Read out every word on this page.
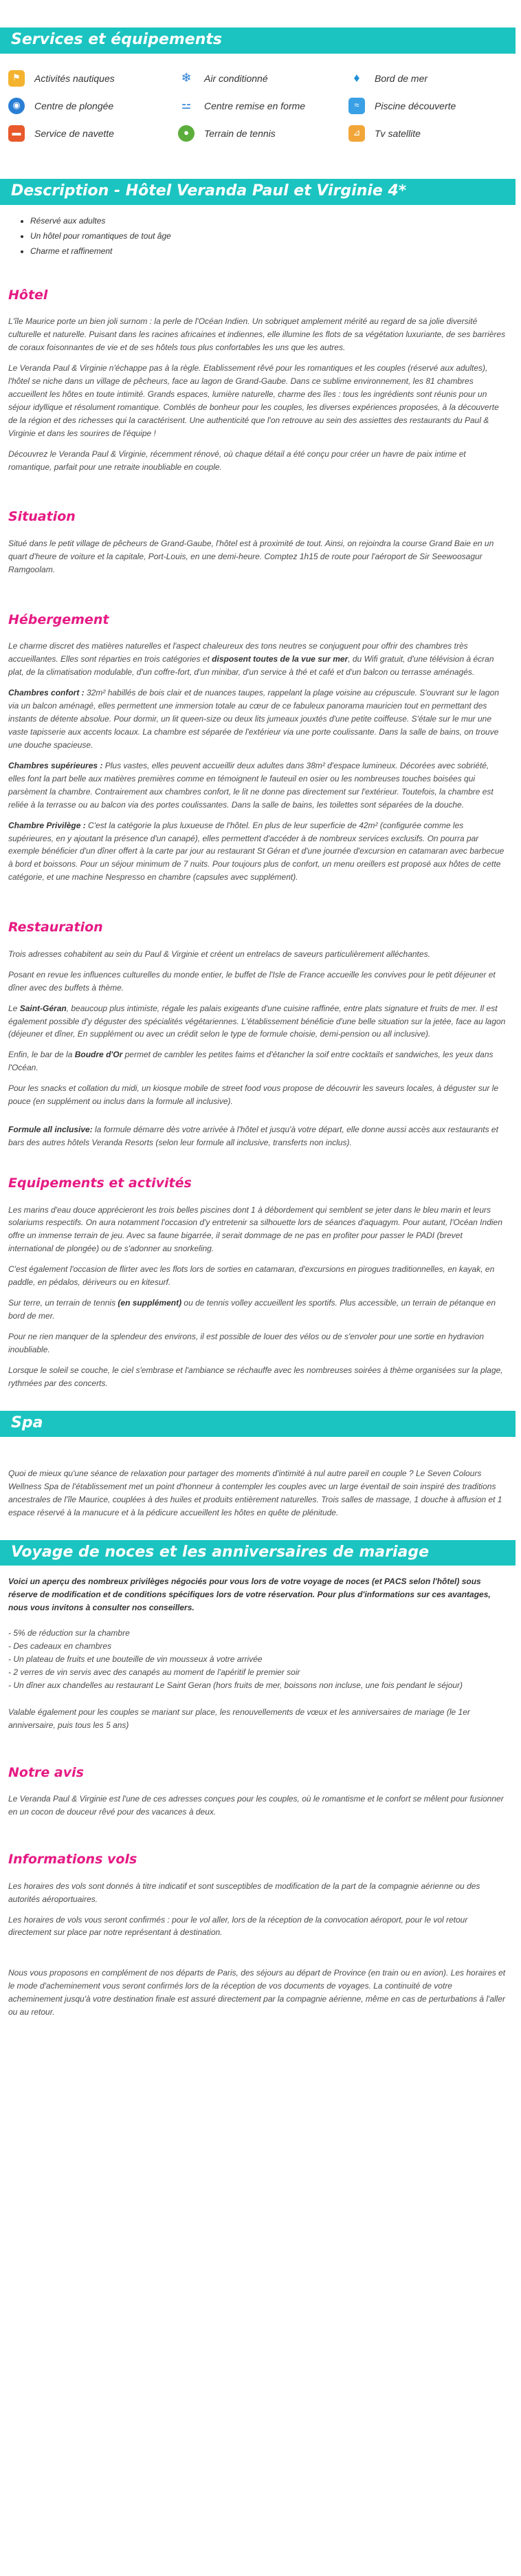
Services et équipements
⚑	Activités nautiques	❄	Air conditionné	♦	Bord de mer
◉	Centre de plongée	⚍	Centre remise en forme	≈	Piscine découverte
▬	Service de navette	●	Terrain de tennis	⊿	Tv satellite
Description - Hôtel Veranda Paul et Virginie 4*
• Réservé aux adultes
• Un hôtel pour romantiques de tout âge
• Charme et raffinement
Hôtel

L'île Maurice porte un bien joli surnom : la perle de l'Océan Indien. Un sobriquet amplement mérité au regard de sa jolie diversité culturelle et naturelle. Puisant dans les racines africaines et indiennes, elle illumine les flots de sa végétation luxuriante, de ses barrières de coraux foisonnantes de vie et de ses hôtels tous plus confortables les uns que les autres.

Le Veranda Paul & Virginie n'échappe pas à la règle. Etablissement rêvé pour les romantiques et les couples (réservé aux adultes), l'hôtel se niche dans un village de pêcheurs, face au lagon de Grand-Gaube. Dans ce sublime environnement, les 81 chambres accueillent les hôtes en toute intimité. Grands espaces, lumière naturelle, charme des îles : tous les ingrédients sont réunis pour un séjour idyllique et résolument romantique. Comblés de bonheur pour les couples, les diverses expériences proposées, à la découverte de la région et des richesses qui la caractérisent. Une authenticité que l'on retrouve au sein des assiettes des restaurants du Paul & Virginie et dans les sourires de l'équipe !

Découvrez le Veranda Paul & Virginie, récemment rénové, où chaque détail a été conçu pour créer un havre de paix intime et romantique, parfait pour une retraite inoubliable en couple.

Situation

Situé dans le petit village de pêcheurs de Grand-Gaube, l'hôtel est à proximité de tout. Ainsi, on rejoindra la course Grand Baie en un quart d'heure de voiture et la capitale, Port-Louis, en une demi-heure. Comptez 1h15 de route pour l'aéroport de Sir Seewoosagur Ramgoolam.

Hébergement

Le charme discret des matières naturelles et l'aspect chaleureux des tons neutres se conjuguent pour offrir des chambres très accueillantes. Elles sont réparties en trois catégories et disposent toutes de la vue sur mer, du Wifi gratuit, d'une télévision à écran plat, de la climatisation modulable, d'un coffre-fort, d'un minibar, d'un service à thé et café et d'un balcon ou terrasse aménagés.

Chambres confort : 32m² habillés de bois clair et de nuances taupes, rappelant la plage voisine au crépuscule. S'ouvrant sur le lagon via un balcon aménagé, elles permettent une immersion totale au cœur de ce fabuleux panorama mauricien tout en permettant des instants de détente absolue. Pour dormir, un lit queen-size ou deux lits jumeaux jouxtés d'une petite coiffeuse. S'étale sur le mur une vaste tapisserie aux accents locaux. La chambre est séparée de l'extérieur via une porte coulissante. Dans la salle de bains, on trouve une douche spacieuse.

Chambres supérieures : Plus vastes, elles peuvent accueillir deux adultes dans 38m² d'espace lumineux. Décorées avec sobriété, elles font la part belle aux matières premières comme en témoignent le fauteuil en osier ou les nombreuses touches boisées qui parsèment la chambre. Contrairement aux chambres confort, le lit ne donne pas directement sur l'extérieur. Toutefois, la chambre est reliée à la terrasse ou au balcon via des portes coulissantes. Dans la salle de bains, les toilettes sont séparées de la douche.

Chambre Privilège : C'est la catégorie la plus luxueuse de l'hôtel. En plus de leur superficie de 42m² (configurée comme les supérieures, en y ajoutant la présence d'un canapé), elles permettent d'accéder à de nombreux services exclusifs. On pourra par exemple bénéficier d'un dîner offert à la carte par jour au restaurant St Géran et d'une journée d'excursion en catamaran avec barbecue à bord et boissons. Pour un séjour minimum de 7 nuits. Pour toujours plus de confort, un menu oreillers est proposé aux hôtes de cette catégorie, et une machine Nespresso en chambre (capsules avec supplément).

Restauration

Trois adresses cohabitent au sein du Paul & Virginie et créent un entrelacs de saveurs particulièrement alléchantes.

Posant en revue les influences culturelles du monde entier, le buffet de l'Isle de France accueille les convives pour le petit déjeuner et dîner avec des buffets à thème.

Le Saint-Géran, beaucoup plus intimiste, régale les palais exigeants d'une cuisine raffinée, entre plats signature et fruits de mer. Il est également possible d'y déguster des spécialités végétariennes. L'établissement bénéficie d'une belle situation sur la jetée, face au lagon (déjeuner et dîner, En supplément ou avec un crédit selon le type de formule choisie, demi-pension ou all inclusive).

Enfin, le bar de la Boudre d'Or permet de cambler les petites faims et d'étancher la soif entre cocktails et sandwiches, les yeux dans l'Océan.

Pour les snacks et collation du midi, un kiosque mobile de street food vous propose de découvrir les saveurs locales, à déguster sur le pouce (en supplément ou inclus dans la formule all inclusive).

Formule all inclusive: la formule démarre dès votre arrivée à l'hôtel et jusqu'à votre départ, elle donne aussi accès aux restaurants et bars des autres hôtels Veranda Resorts (selon leur formule all inclusive, transferts non inclus).

Equipements et activités

Les marins d'eau douce apprécieront les trois belles piscines dont 1 à débordement qui semblent se jeter dans le bleu marin et leurs solariums respectifs. On aura notamment l'occasion d'y entretenir sa silhouette lors de séances d'aquagym. Pour autant, l'Océan Indien offre un immense terrain de jeu. Avec sa faune bigarrée, il serait dommage de ne pas en profiter pour passer le PADI (brevet international de plongée) ou de s'adonner au snorkeling.

C'est également l'occasion de flirter avec les flots lors de sorties en catamaran, d'excursions en pirogues traditionnelles, en kayak, en paddle, en pédalos, dériveurs ou en kitesurf.

Sur terre, un terrain de tennis (en supplément) ou de tennis volley accueillent les sportifs. Plus accessible, un terrain de pétanque en bord de mer.

Pour ne rien manquer de la splendeur des environs, il est possible de louer des vélos ou de s'envoler pour une sortie en hydravion inoubliable.

Lorsque le soleil se couche, le ciel s'embrase et l'ambiance se réchauffe avec les nombreuses soirées à thème organisées sur la plage, rythmées par des concerts.

Spa

Quoi de mieux qu'une séance de relaxation pour partager des moments d'intimité à nul autre pareil en couple ? Le Seven Colours Wellness Spa de l'établissement met un point d'honneur à contempler les couples avec un large éventail de soin inspiré des traditions ancestrales de l'île Maurice, couplées à des huiles et produits entièrement naturelles. Trois salles de massage, 1 douche à affusion et 1 espace réservé à la manucure et à la pédicure accueillent les hôtes en quête de plénitude.

Voyage de noces et les anniversaires de mariage

Voici un aperçu des nombreux privilèges négociés pour vous lors de votre voyage de noces (et PACS selon l'hôtel) sous réserve de modification et de conditions spécifiques lors de votre réservation. Pour plus d'informations sur ces avantages, nous vous invitons à consulter nos conseillers.

- 5% de réduction sur la chambre

- Des cadeaux en chambres

- Un plateau de fruits et une bouteille de vin mousseux à votre arrivée

- 2 verres de vin servis avec des canapés au moment de l'apéritif le premier soir

- Un dîner aux chandelles au restaurant Le Saint Geran (hors fruits de mer, boissons non incluse, une fois pendant le séjour)

Valable également pour les couples se mariant sur place, les renouvellements de vœux et les anniversaires de mariage (le 1er anniversaire, puis tous les 5 ans)

Notre avis

Le Veranda Paul & Virginie est l'une de ces adresses conçues pour les couples, où le romantisme et le confort se mêlent pour fusionner en un cocon de douceur rêvé pour des vacances à deux.

Informations vols

Les horaires des vols sont donnés à titre indicatif et sont susceptibles de modification de la part de la compagnie aérienne ou des autorités aéroportuaires.

Les horaires de vols vous seront confirmés : pour le vol aller, lors de la réception de la convocation aéroport, pour le vol retour directement sur place par notre représentant à destination.

Nous vous proposons en complément de nos départs de Paris, des séjours au départ de Province (en train ou en avion). Les horaires et le mode d'acheminement vous seront confirmés lors de la réception de vos documents de voyages. La continuité de votre acheminement jusqu'à votre destination finale est assuré directement par la compagnie aérienne, même en cas de perturbations à l'aller ou au retour.
